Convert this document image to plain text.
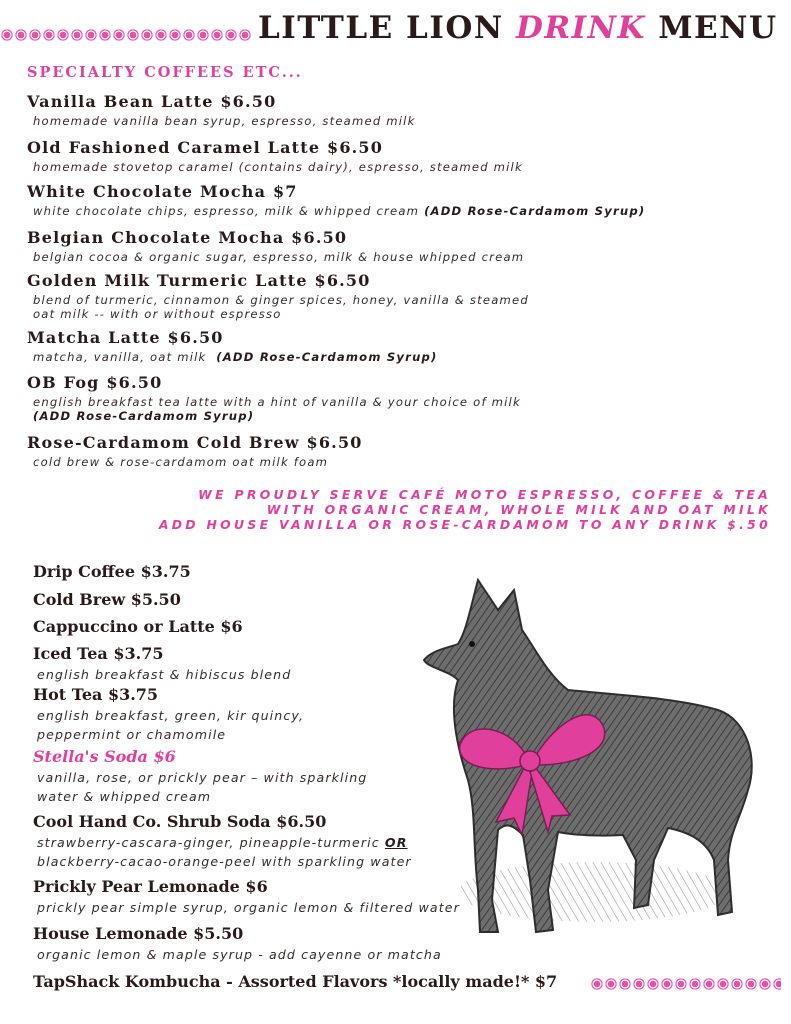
LITTLE LION DRINK MENU
SPECIALTY COFFEES ETC...
Vanilla Bean Latte $6.50
homemade vanilla bean syrup, espresso, steamed milk
Old Fashioned Caramel Latte $6.50
homemade stovetop caramel (contains dairy), espresso, steamed milk
White Chocolate Mocha $7
white chocolate chips, espresso, milk & whipped cream (ADD Rose-Cardamom Syrup)
Belgian Chocolate Mocha $6.50
belgian cocoa & organic sugar, espresso, milk & house whipped cream
Golden Milk Turmeric Latte $6.50
blend of turmeric, cinnamon & ginger spices, honey, vanilla & steamed
oat milk -- with or without espresso
Matcha Latte $6.50
matcha, vanilla, oat milk (ADD Rose-Cardamom Syrup)
OB Fog $6.50
english breakfast tea latte with a hint of vanilla & your choice of milk
(ADD Rose-Cardamom Syrup)
Rose-Cardamom Cold Brew $6.50
cold brew & rose-cardamom oat milk foam
WE PROUDLY SERVE CAFÉ MOTO ESPRESSO, COFFEE & TEA
WITH ORGANIC CREAM, WHOLE MILK AND OAT MILK
ADD HOUSE VANILLA OR ROSE-CARDAMOM TO ANY DRINK $.50
Drip Coffee $3.75
Cold Brew $5.50
Cappuccino or Latte $6
Iced Tea $3.75
english breakfast & hibiscus blend
Hot Tea $3.75
english breakfast, green, kir quincy,
peppermint or chamomile
Stella's Soda $6
vanilla, rose, or prickly pear – with sparkling
water & whipped cream
Cool Hand Co. Shrub Soda $6.50
strawberry-cascara-ginger, pineapple-turmeric OR
blackberry-cacao-orange-peel with sparkling water
Prickly Pear Lemonade $6
prickly pear simple syrup, organic lemon & filtered water
House Lemonade $5.50
organic lemon & maple syrup - add cayenne or matcha
TapShack Kombucha - Assorted Flavors *locally made!* $7
